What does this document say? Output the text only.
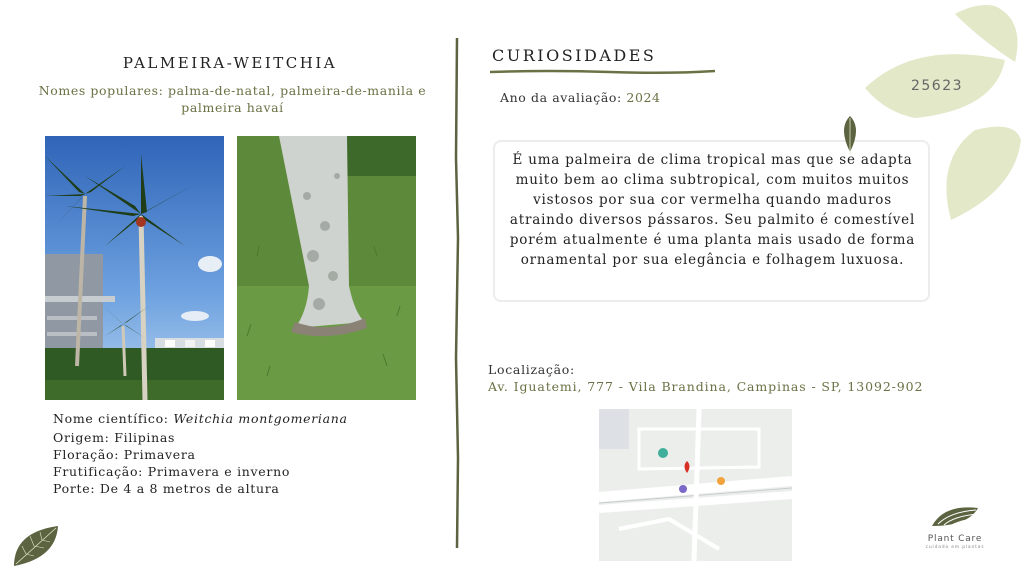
PALMEIRA-WEITCHIA
Nomes populares: palma-de-natal, palmeira-de-manila e palmeira havaí
Nome científico: Weitchia montgomeriana
Origem: Filipinas
Floração: Primavera
Frutificação: Primavera e inverno
Porte: De 4 a 8 metros de altura
CURIOSIDADES
Ano da avaliação: 2024
É uma palmeira de clima tropical mas que se adapta muito bem ao clima subtropical, com muitos muitos vistosos por sua cor vermelha quando maduros atraindo diversos pássaros. Seu palmito é comestível porém atualmente é uma planta mais usado de forma ornamental por sua elegância e folhagem luxuosa.
Localização:
Av. Iguatemi, 777 - Vila Brandina, Campinas - SP, 13092-902
25623
Plant Care
cuidado em plantas
